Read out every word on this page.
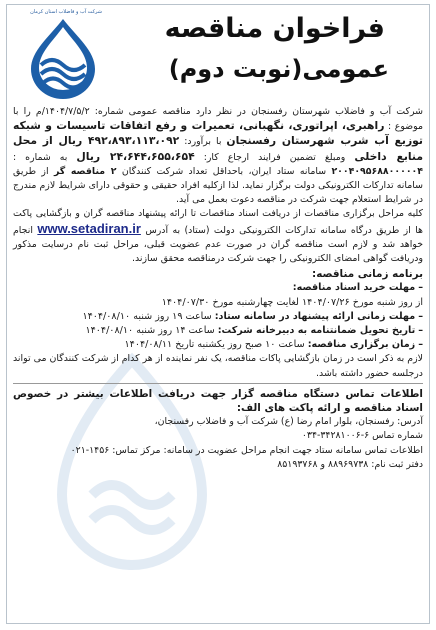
شرکت آب و فاضلاب استان کرمان
فراخوان مناقصه
عمومی(نوبت دوم)

شرکت آب و فاضلاب شهرستان رفسنجان در نظر دارد مناقصه عمومی شماره: ۱۴۰۴/۷/۵/۲/م را با موضوع : راهبری، اپراتوری، نگهبانی، تعمیرات و رفع اتفاقات تاسیسات و شبکه توزیع آب شرب شهرستان رفسنجان با برآورد: ۴۹۲،۸۹۳،۱۱۳،۰۹۲ ریال از محل منابع داخلی ومبلغ تضمین فرایند ارجاع کار: ۲۴،۶۴۴،۶۵۵،۶۵۴ ریال به شماره : ۲۰۰۴۰۹۵۶۸۸۰۰۰۰۰۴ سامانه ستاد ایران، باحداقل تعداد شرکت کنندگان ۲ مناقصه گر از طریق سامانه تدارکات الکترونیکی دولت برگزار نماید. لذا ازکلیه افراد حقیقی و حقوقی دارای شرایط لازم مندرج در شرایط استعلام جهت شرکت در مناقصه دعوت بعمل می آید.

کلیه مراحل برگزاری مناقصات از دریافت اسناد مناقصات تا ارائه پیشنهاد مناقصه گران و بازگشایی پاکت ها از طریق درگاه سامانه تدارکات الکترونیکی دولت (ستاد) به آدرس www.setadiran.ir انجام خواهد شد و لازم است مناقصه گران در صورت عدم عضویت قبلی، مراحل ثبت نام درسایت مذکور ودریافت گواهی امضای الکترونیکی را جهت شرکت درمناقصه محقق سازند.

برنامه زمانی مناقصه:

–مهلت خرید اسناد مناقصه:

از روز شنبه مورخ ۱۴۰۴/۰۷/۲۶ لغایت چهارشنبه مورخ ۱۴۰۴/۰۷/۳۰

–مهلت زمانی ارائه پیشنهاد در سامانه ستاد: ساعت ۱۹ روز شنبه ۱۴۰۴/۰۸/۱۰

–تاریخ تحویل ضمانتنامه به دبیرخانه شرکت: ساعت ۱۴ روز شنبه ۱۴۰۴/۰۸/۱۰

–زمان برگزاری مناقصه: ساعت ۱۰ صبح روز یکشنبه تاریخ ۱۴۰۴/۰۸/۱۱

لازم به ذکر است در زمان بازگشایی پاکات مناقصه، یک نفر نماینده از هر کدام از شرکت کنندگان می تواند درجلسه حضور داشته باشد.

اطلاعات تماس دستگاه مناقصه گزار جهت دریافت اطلاعات بیشتر در خصوص اسناد مناقصه و ارائه پاکت های الف:

آدرس: رفسنجان، بلوار امام رضا (ع) شرکت آب و فاضلاب رفسنجان،

شماره تماس ۶-۳۴۲۸۱۰۰۶-۰۳۴

اطلاعات تماس سامانه ستاد جهت انجام مراحل عضویت در سامانه: مرکز تماس: ۱۴۵۶-۰۲۱

دفتر ثبت نام: ۸۸۹۶۹۷۳۸ و ۸۵۱۹۳۷۶۸
